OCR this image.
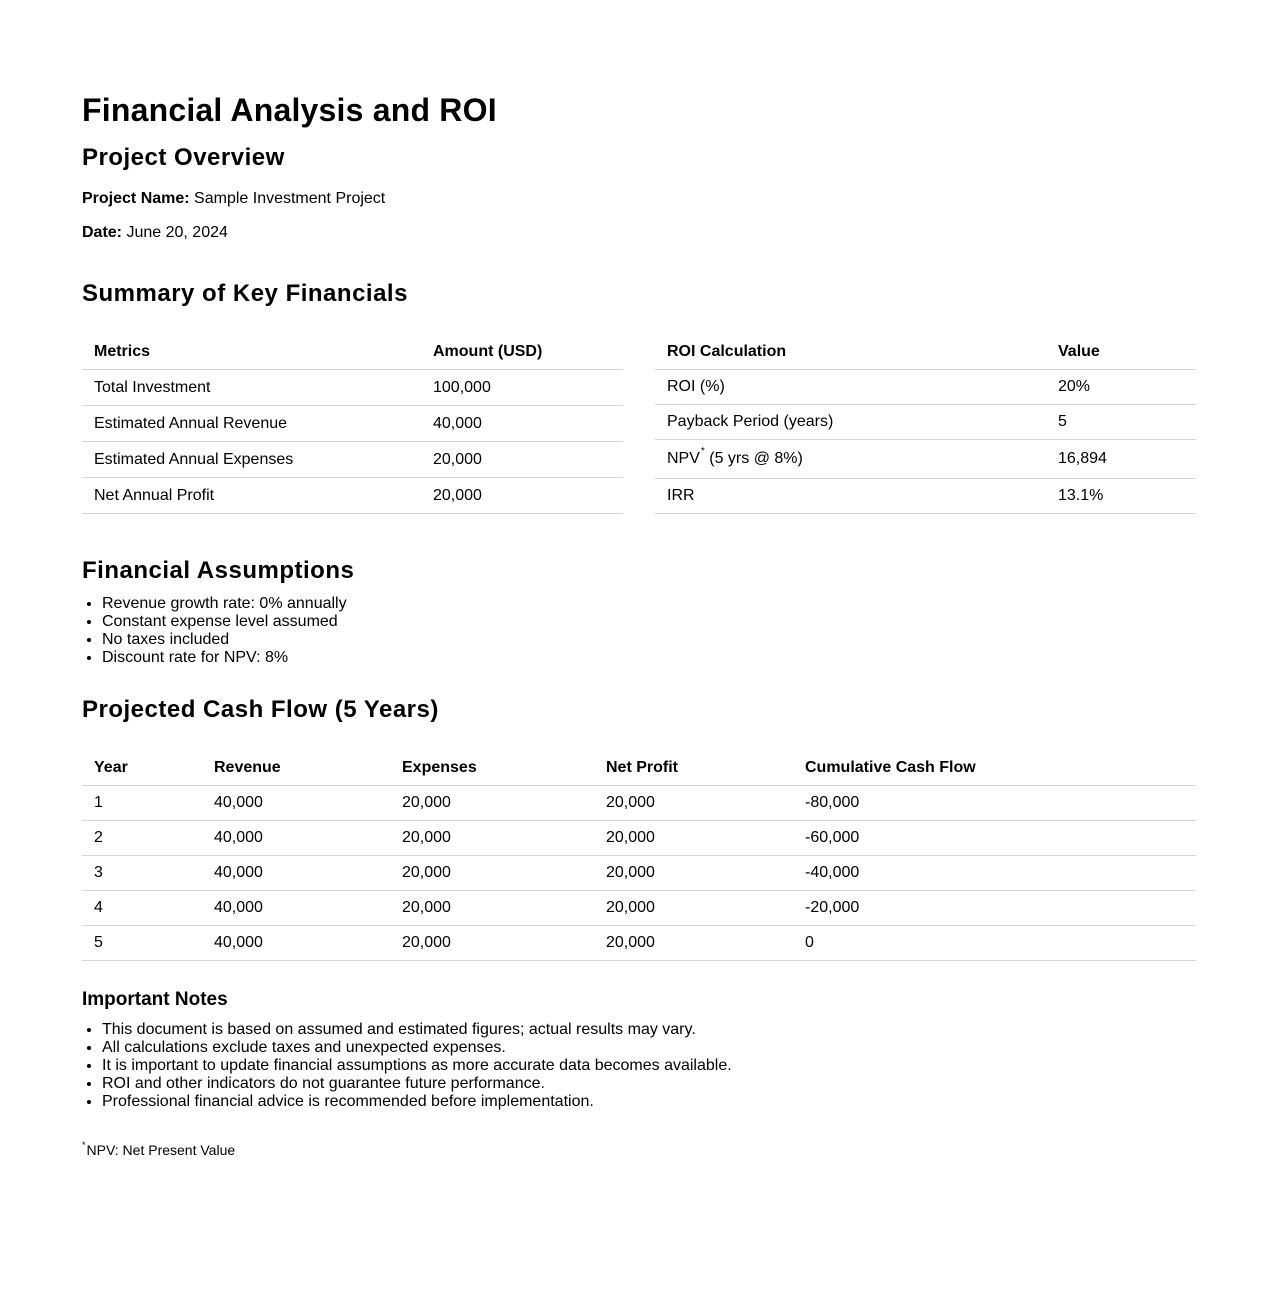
Financial Analysis and ROI
Project Overview

Project Name: Sample Investment Project

Date: June 20, 2024

Summary of Key Financials
Metrics	Amount (USD)
Total Investment	100,000
Estimated Annual Revenue	40,000
Estimated Annual Expenses	20,000
Net Annual Profit	20,000
ROI Calculation	Value
ROI (%)	20%
Payback Period (years)	5
NPV* (5 yrs @ 8%)	16,894
IRR	13.1%
Financial Assumptions
• Revenue growth rate: 0% annually
• Constant expense level assumed
• No taxes included
• Discount rate for NPV: 8%
Projected Cash Flow (5 Years)
Year	Revenue	Expenses	Net Profit	Cumulative Cash Flow
1	40,000	20,000	20,000	-80,000
2	40,000	20,000	20,000	-60,000
3	40,000	20,000	20,000	-40,000
4	40,000	20,000	20,000	-20,000
5	40,000	20,000	20,000	0
Important Notes
• This document is based on assumed and estimated figures; actual results may vary.
• All calculations exclude taxes and unexpected expenses.
• It is important to update financial assumptions as more accurate data becomes available.
• ROI and other indicators do not guarantee future performance.
• Professional financial advice is recommended before implementation.
*NPV: Net Present Value
